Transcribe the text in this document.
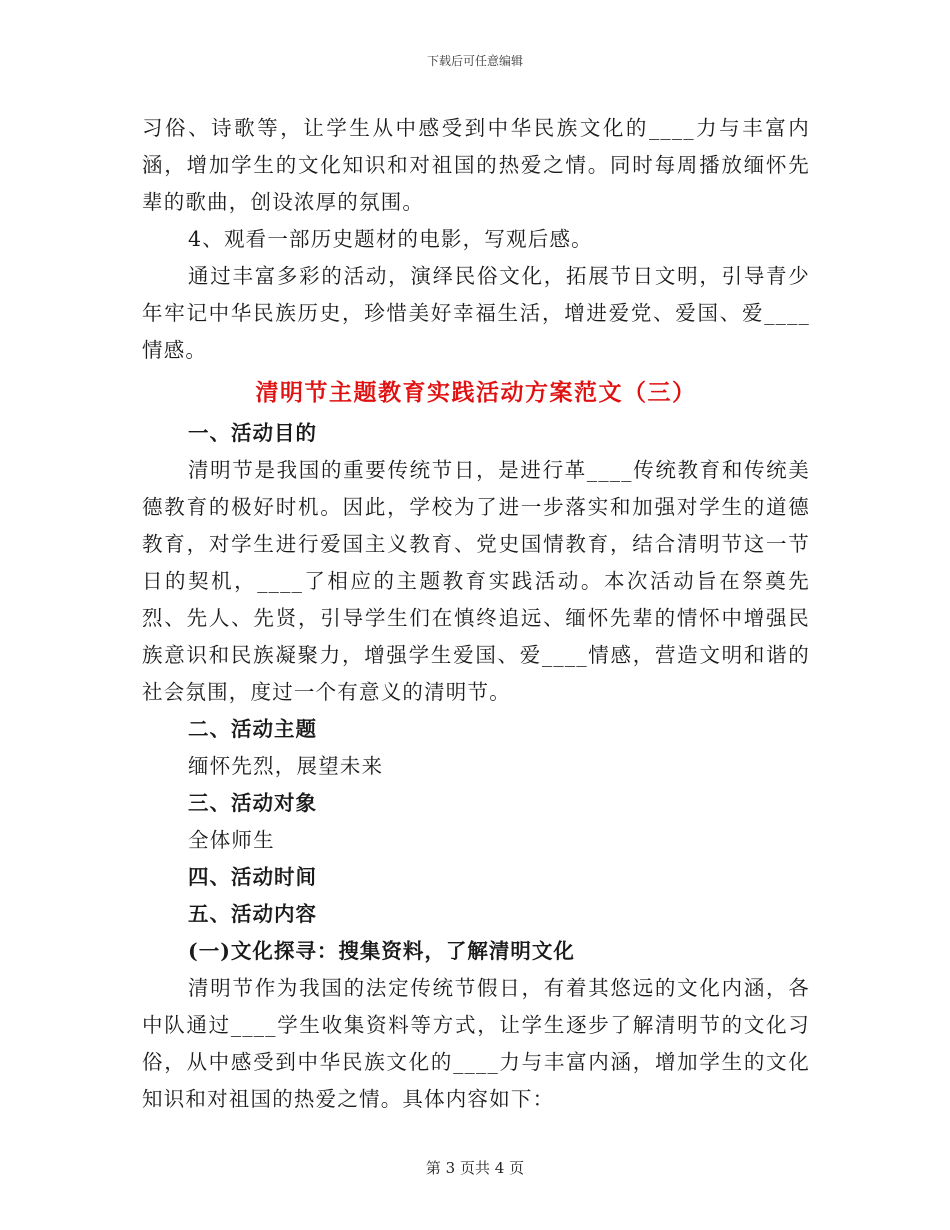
下载后可任意编辑

习俗、诗歌等，让学生从中感受到中华民族文化的____力与丰富内涵，增加学生的文化知识和对祖国的热爱之情。同时每周播放缅怀先辈的歌曲，创设浓厚的氛围。

4、观看一部历史题材的电影，写观后感。

通过丰富多彩的活动，演绎民俗文化，拓展节日文明，引导青少年牢记中华民族历史，珍惜美好幸福生活，增进爱党、爱国、爱____情感。

清明节主题教育实践活动方案范文（三）

一、活动目的

清明节是我国的重要传统节日，是进行革____传统教育和传统美德教育的极好时机。因此，学校为了进一步落实和加强对学生的道德教育，对学生进行爱国主义教育、党史国情教育，结合清明节这一节日的契机，____了相应的主题教育实践活动。本次活动旨在祭奠先烈、先人、先贤，引导学生们在慎终追远、缅怀先辈的情怀中增强民族意识和民族凝聚力，增强学生爱国、爱____情感，营造文明和谐的社会氛围，度过一个有意义的清明节。

二、活动主题

缅怀先烈，展望未来

三、活动对象

全体师生

四、活动时间

五、活动内容

(一)文化探寻：搜集资料，了解清明文化

清明节作为我国的法定传统节假日，有着其悠远的文化内涵，各中队通过____学生收集资料等方式，让学生逐步了解清明节的文化习俗，从中感受到中华民族文化的____力与丰富内涵，增加学生的文化知识和对祖国的热爱之情。具体内容如下：

第 3 页共 4 页
